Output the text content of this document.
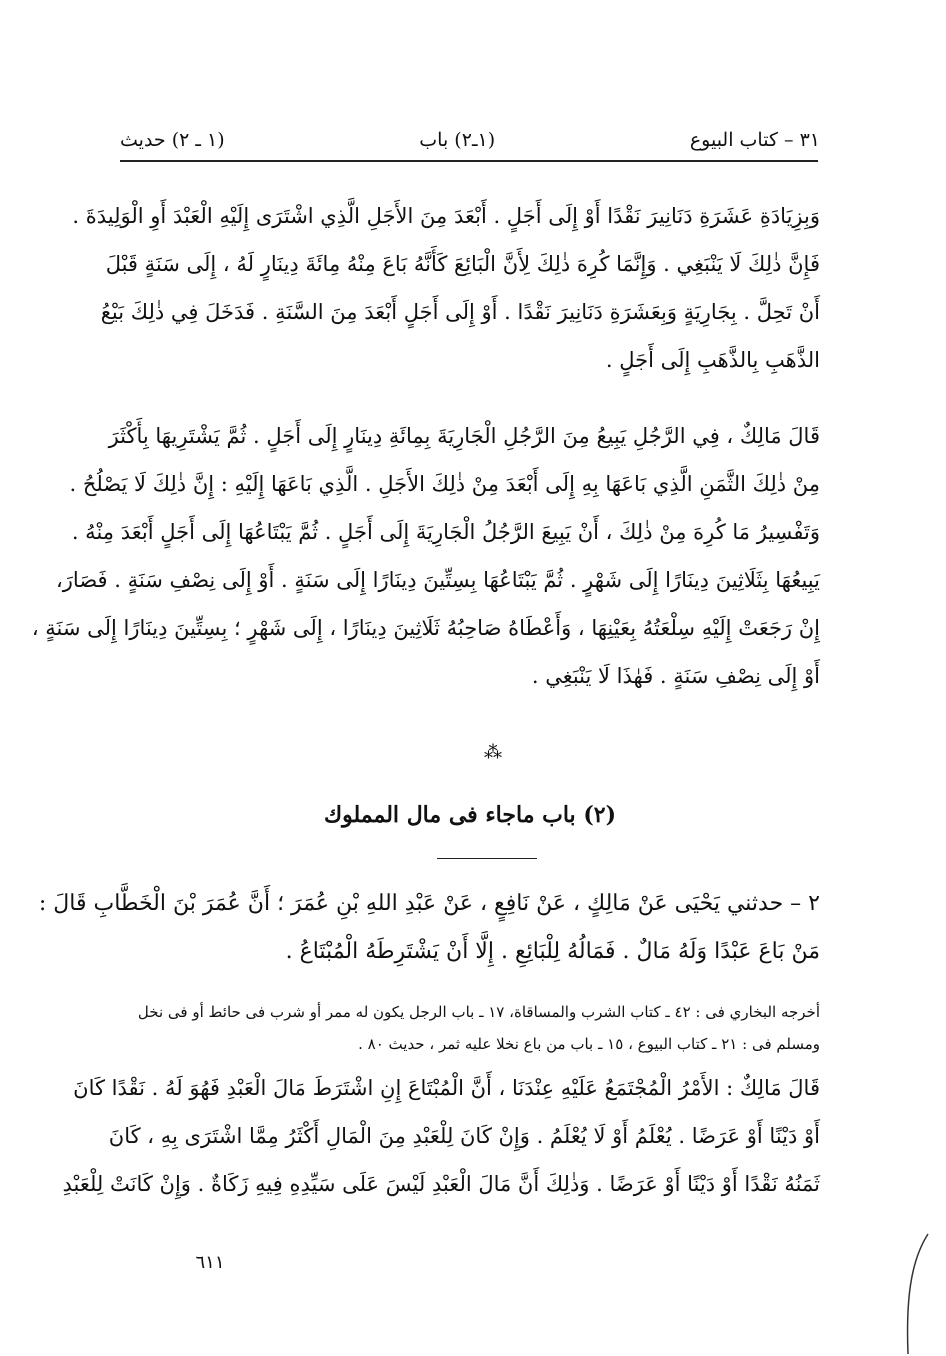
٣١ – كتاب البيوع
(١ـ٢) باب
(١ ـ ٢) حديث
وَبِزِيَادَةِ عَشَرَةِ دَنَانِيرَ نَقْدًا أَوْ إِلَى أَجَلٍ . أَبْعَدَ مِنَ الأَجَلِ الَّذِي اشْتَرَى إِلَيْهِ الْعَبْدَ أَوِ الْوَلِيدَةَ .
فَإِنَّ ذٰلِكَ لَا يَنْبَغِي . وَإِنَّمَا كُرِهَ ذٰلِكَ لِأَنَّ الْبَائِعَ كَأَنَّهُ بَاعَ مِنْهُ مِائَةَ دِينَارٍ لَهُ ، إِلَى سَنَةٍ قَبْلَ
أَنْ تَحِلَّ . بِجَارِيَةٍ وَبِعَشَرَةِ دَنَانِيرَ نَقْدًا . أَوْ إِلَى أَجَلٍ أَبْعَدَ مِنَ السَّنَةِ . فَدَخَلَ فِي ذٰلِكَ بَيْعُ
الذَّهَبِ بِالذَّهَبِ إِلَى أَجَلٍ .
قَالَ مَالِكٌ ، فِي الرَّجُلِ يَبِيعُ مِنَ الرَّجُلِ الْجَارِيَةَ بِمِائَةِ دِينَارٍ إِلَى أَجَلٍ . ثُمَّ يَشْتَرِيهَا بِأَكْثَرَ
مِنْ ذٰلِكَ الثَّمَنِ الَّذِي بَاعَهَا بِهِ إِلَى أَبْعَدَ مِنْ ذٰلِكَ الأَجَلِ . الَّذِي بَاعَهَا إِلَيْهِ : إِنَّ ذٰلِكَ لَا يَصْلُحُ .
وَتَفْسِيرُ مَا كُرِهَ مِنْ ذٰلِكَ ، أَنْ يَبِيعَ الرَّجُلُ الْجَارِيَةَ إِلَى أَجَلٍ . ثُمَّ يَبْتَاعُهَا إِلَى أَجَلٍ أَبْعَدَ مِنْهُ .
يَبِيعُهَا بِثَلَاثِينَ دِينَارًا إِلَى شَهْرٍ . ثُمَّ يَبْتَاعُهَا بِسِتِّينَ دِينَارًا إِلَى سَنَةٍ . أَوْ إِلَى نِصْفِ سَنَةٍ . فَصَارَ،
إِنْ رَجَعَتْ إِلَيْهِ سِلْعَتُهُ بِعَيْنِهَا ، وَأَعْطَاهُ صَاحِبُهُ ثَلَاثِينَ دِينَارًا ، إِلَى شَهْرٍ ؛ بِسِتِّينَ دِينَارًا إِلَى سَنَةٍ ،
أَوْ إِلَى نِصْفِ سَنَةٍ . فَهٰذَا لَا يَنْبَغِي .
⁂
(٢) باب ماجاء فى مال المملوك
٢ – حدثني يَحْيَى عَنْ مَالِكٍ ، عَنْ نَافِعٍ ، عَنْ عَبْدِ اللهِ بْنِ عُمَرَ ؛ أَنَّ عُمَرَ بْنَ الْخَطَّابِ قَالَ :
مَنْ بَاعَ عَبْدًا وَلَهُ مَالٌ . فَمَالُهُ لِلْبَائِعِ . إِلَّا أَنْ يَشْتَرِطَهُ الْمُبْتَاعُ .
أخرجه البخاري فى : ٤٢ ـ كتاب الشرب والمساقاة، ١٧ ـ باب الرجل يكون له ممر أو شرب فى حائط أو فى نخل
ومسلم فى : ٢١ ـ كتاب البيوع ، ١٥ ـ باب من باع نخلا عليه ثمر ، حديث ٨٠ .
قَالَ مَالِكٌ : الأَمْرُ الْمُجْتَمَعُ عَلَيْهِ عِنْدَنَا ، أَنَّ الْمُبْتَاعَ إِنِ اشْتَرَطَ مَالَ الْعَبْدِ فَهُوَ لَهُ . نَقْدًا كَانَ
أَوْ دَيْنًا أَوْ عَرَضًا . يُعْلَمُ أَوْ لَا يُعْلَمُ . وَإِنْ كَانَ لِلْعَبْدِ مِنَ الْمَالِ أَكْثَرُ مِمَّا اشْتَرَى بِهِ ، كَانَ
ثَمَنُهُ نَقْدًا أَوْ دَيْنًا أَوْ عَرَضًا . وَذٰلِكَ أَنَّ مَالَ الْعَبْدِ لَيْسَ عَلَى سَيِّدِهِ فِيهِ زَكَاةٌ . وَإِنْ كَانَتْ لِلْعَبْدِ
٦١١
